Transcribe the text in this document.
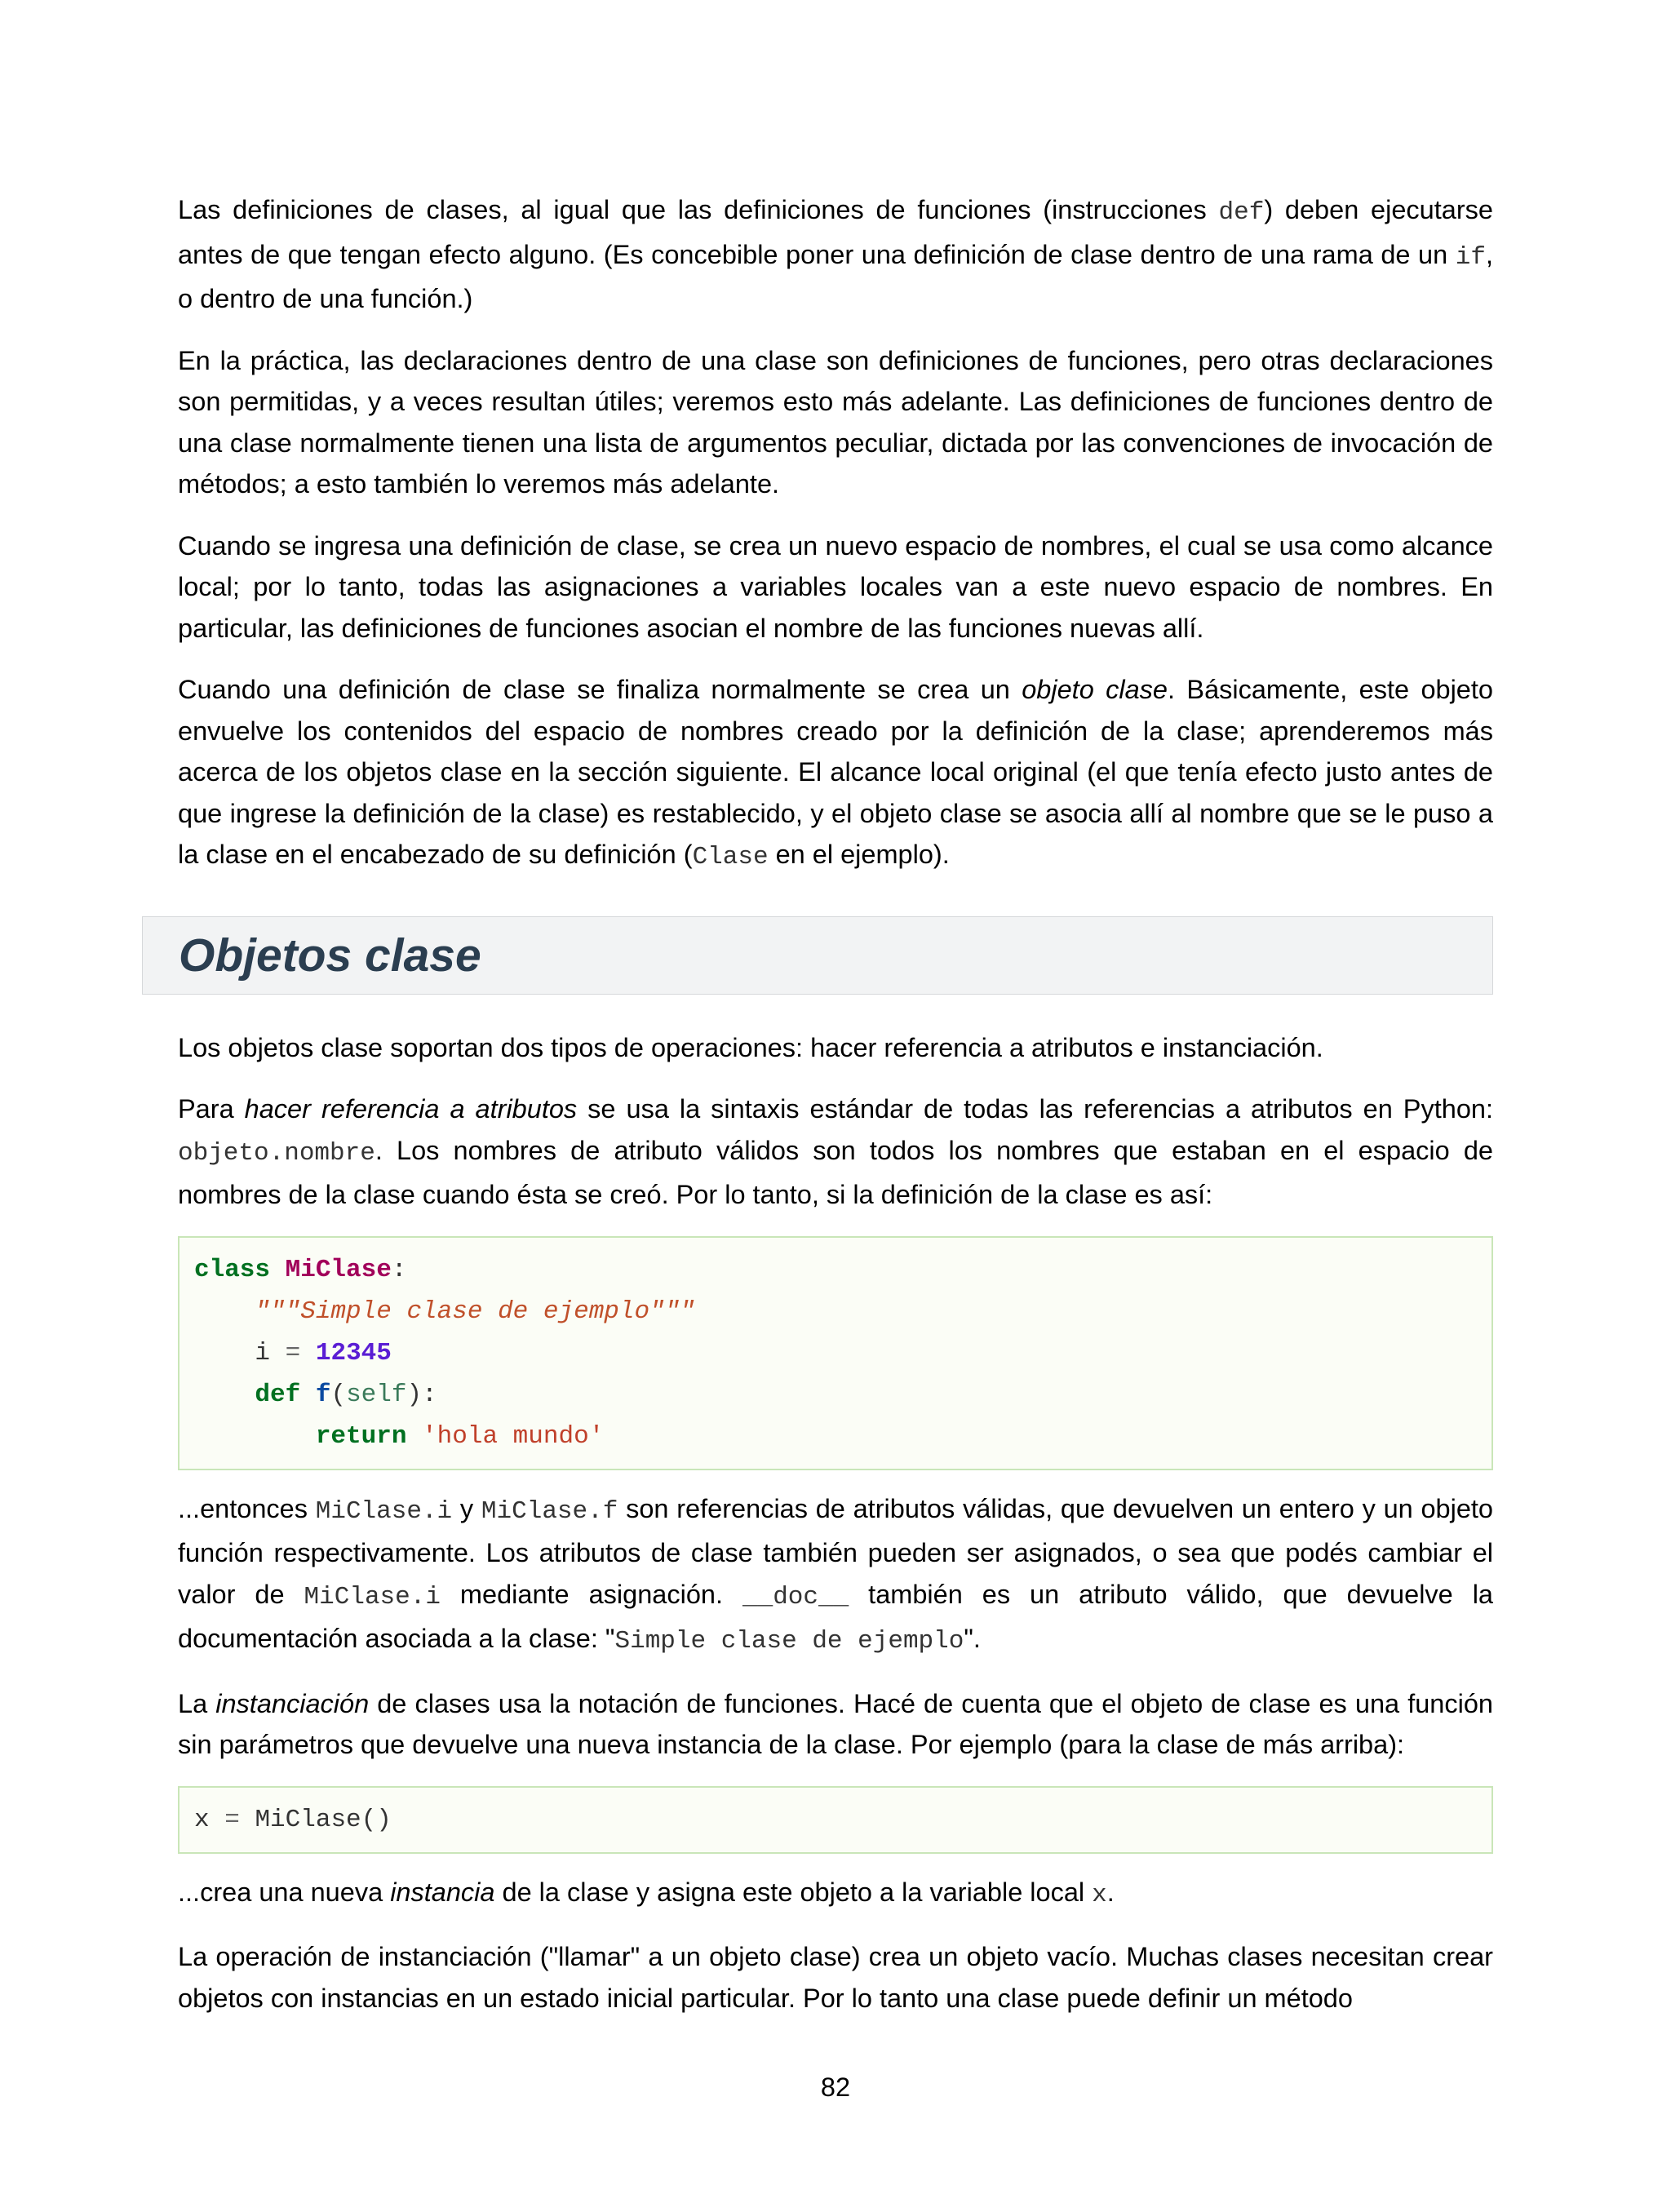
Las definiciones de clases, al igual que las definiciones de funciones (instrucciones def) deben ejecutarse antes de que tengan efecto alguno. (Es concebible poner una definición de clase dentro de una rama de un if, o dentro de una función.)

En la práctica, las declaraciones dentro de una clase son definiciones de funciones, pero otras declaraciones son permitidas, y a veces resultan útiles; veremos esto más adelante. Las definiciones de funciones dentro de una clase normalmente tienen una lista de argumentos peculiar, dictada por las convenciones de invocación de métodos; a esto también lo veremos más adelante.

Cuando se ingresa una definición de clase, se crea un nuevo espacio de nombres, el cual se usa como alcance local; por lo tanto, todas las asignaciones a variables locales van a este nuevo espacio de nombres. En particular, las definiciones de funciones asocian el nombre de las funciones nuevas allí.

Cuando una definición de clase se finaliza normalmente se crea un objeto clase. Básicamente, este objeto envuelve los contenidos del espacio de nombres creado por la definición de la clase; aprenderemos más acerca de los objetos clase en la sección siguiente. El alcance local original (el que tenía efecto justo antes de que ingrese la definición de la clase) es restablecido, y el objeto clase se asocia allí al nombre que se le puso a la clase en el encabezado de su definición (Clase en el ejemplo).

Objetos clase

Los objetos clase soportan dos tipos de operaciones: hacer referencia a atributos e instanciación.

Para hacer referencia a atributos se usa la sintaxis estándar de todas las referencias a atributos en Python: objeto.nombre. Los nombres de atributo válidos son todos los nombres que estaban en el espacio de nombres de la clase cuando ésta se creó. Por lo tanto, si la definición de la clase es así:

class MiClase:
"""Simple clase de ejemplo"""
i = 12345
def f(self):
return 'hola mundo'

...entonces MiClase.i y MiClase.f son referencias de atributos válidas, que devuelven un entero y un objeto función respectivamente. Los atributos de clase también pueden ser asignados, o sea que podés cambiar el valor de MiClase.i mediante asignación. __doc__ también es un atributo válido, que devuelve la documentación asociada a la clase: "Simple clase de ejemplo".

La instanciación de clases usa la notación de funciones. Hacé de cuenta que el objeto de clase es una función sin parámetros que devuelve una nueva instancia de la clase. Por ejemplo (para la clase de más arriba):

x = MiClase()

...crea una nueva instancia de la clase y asigna este objeto a la variable local x.

La operación de instanciación ("llamar" a un objeto clase) crea un objeto vacío. Muchas clases necesitan crear objetos con instancias en un estado inicial particular. Por lo tanto una clase puede definir un método

82
